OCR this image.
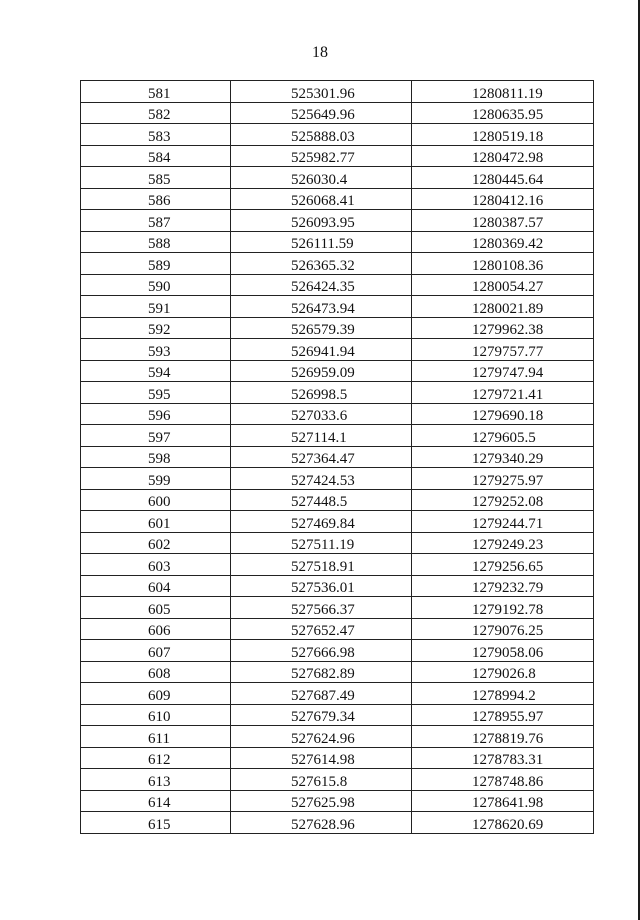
18
581	525301.96	1280811.19
582	525649.96	1280635.95
583	525888.03	1280519.18
584	525982.77	1280472.98
585	526030.4	1280445.64
586	526068.41	1280412.16
587	526093.95	1280387.57
588	526111.59	1280369.42
589	526365.32	1280108.36
590	526424.35	1280054.27
591	526473.94	1280021.89
592	526579.39	1279962.38
593	526941.94	1279757.77
594	526959.09	1279747.94
595	526998.5	1279721.41
596	527033.6	1279690.18
597	527114.1	1279605.5
598	527364.47	1279340.29
599	527424.53	1279275.97
600	527448.5	1279252.08
601	527469.84	1279244.71
602	527511.19	1279249.23
603	527518.91	1279256.65
604	527536.01	1279232.79
605	527566.37	1279192.78
606	527652.47	1279076.25
607	527666.98	1279058.06
608	527682.89	1279026.8
609	527687.49	1278994.2
610	527679.34	1278955.97
611	527624.96	1278819.76
612	527614.98	1278783.31
613	527615.8	1278748.86
614	527625.98	1278641.98
615	527628.96	1278620.69
